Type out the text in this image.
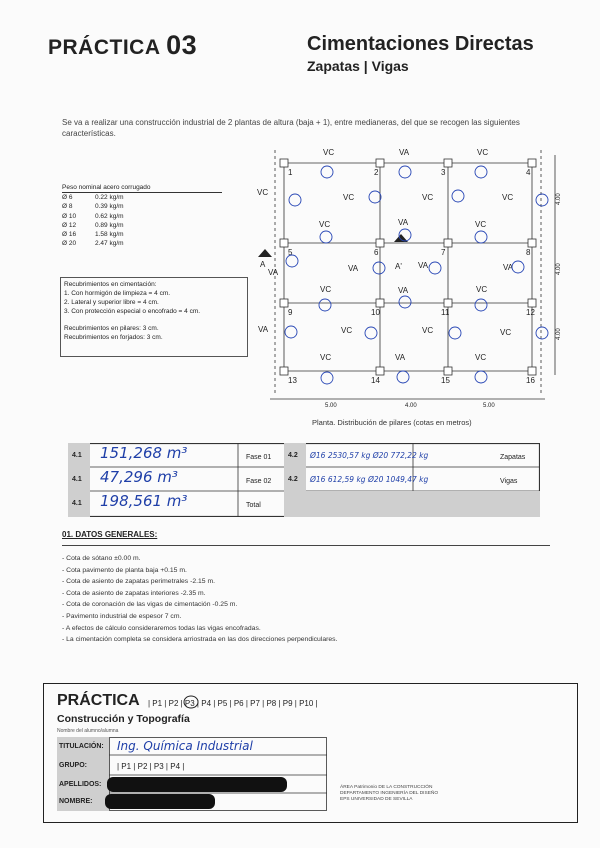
PRÁCTICA 03	Cimentaciones Directas
Zapatas | Vigas
Se va a realizar una construcción industrial de 2 plantas de altura (baja + 1), entre medianeras, del que se recogen las siguientes características.
Peso nominal acero corrugado
Ø 6	0.22 kg/m
Ø 8	0.39 kg/m
Ø 10	0.62 kg/m
Ø 12	0.89 kg/m
Ø 16	1.58 kg/m
Ø 20	2.47 kg/m
Recubrimientos en cimentación:
1. Con hormigón de limpieza = 4 cm.
2. Lateral y superior libre = 4 cm.
3. Con protección especial o encofrado = 4 cm.
Recubrimientos en pilares: 3 cm.
Recubrimientos en forjados: 3 cm.
1	2	3	4
5	6	7	8
9	10	11	12
13	14	15	16
VC	VA	VC
VC
VC	VC	VC
VC	VA	VC
VA	VA	VA	VA
VC	VA	VC
VA	VC	VC	VC
VC	VA	VC
A	A'
5.00	4.00	5.00
4.00
4.00
4.00
Planta. Distribución de pilares (cotas en metros)
4.1 151,268 m³	Fase 01
4.1 47,296 m³	Fase 02
4.1 198,561 m³	Total
4.2 Ø16 2530,57 kg Ø20 772,22 kg	Zapatas
4.2 Ø16 612,59 kg Ø20 1049,47 kg	Vigas
01. DATOS GENERALES:
- Cota de sótano ±0.00 m.
- Cota pavimento de planta baja +0.15 m.
- Cota de asiento de zapatas perimetrales -2.15 m.
- Cota de asiento de zapatas interiores -2.35 m.
- Cota de coronación de las vigas de cimentación -0.25 m.
- Pavimento industrial de espesor 7 cm.
- A efectos de cálculo consideraremos todas las vigas encofradas.
- La cimentación completa se considera arriostrada en las dos direcciones perpendiculares.
PRÁCTICA | P1 | P2 | P3 | P4 | P5 | P6 | P7 | P8 | P9 | P10 |
Construcción y Topografía
Nombre del alumno/alumna
TITULACIÓN: Ing. Química Industrial
GRUPO:	| P1 | P2 | P3 | P4 |
APELLIDOS:
NOMBRE:
ÁREA Patrimonio DE LA CONSTRUCCIÓN
DEPARTAMENTO INGENIERÍA DEL DISEÑO
EPS UNIVERSIDAD DE SEVILLA
